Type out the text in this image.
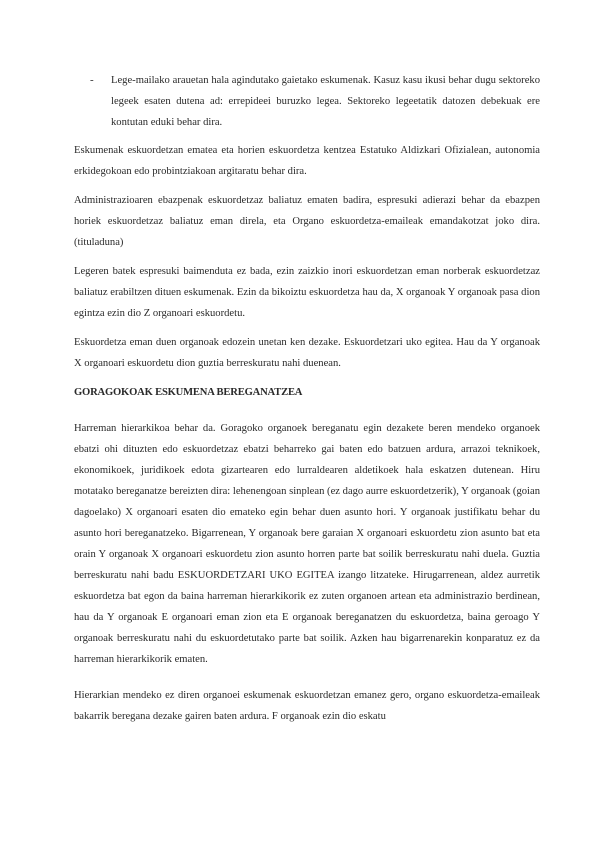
- Lege-mailako arauetan hala agindutako gaietako eskumenak. Kasuz kasu ikusi behar dugu sektoreko legeek esaten dutena ad: errepideei buruzko legea. Sektoreko legeetatik datozen debekuak ere kontutan eduki behar dira.

Eskumenak eskuordetzan ematea eta horien eskuordetza kentzea Estatuko Aldizkari Ofizialean, autonomia erkidegokoan edo probintziakoan argitaratu behar dira.

Administrazioaren ebazpenak eskuordetzaz baliatuz ematen badira, espresuki adierazi behar da ebazpen horiek eskuordetzaz baliatuz eman direla, eta Organo eskuordetza-emaileak emandakotzat joko dira. (tituladuna)

Legeren batek espresuki baimenduta ez bada, ezin zaizkio inori eskuordetzan eman norberak eskuordetzaz baliatuz erabiltzen dituen eskumenak. Ezin da bikoiztu eskuordetza hau da, X organoak Y organoak pasa dion egintza ezin dio Z organoari eskuordetu.

Eskuordetza eman duen organoak edozein unetan ken dezake. Eskuordetzari uko egitea. Hau da Y organoak X organoari eskuordetu dion guztia berreskuratu nahi duenean.

GORAGOKOAK ESKUMENA BEREGANATZEA

Harreman hierarkikoa behar da. Goragoko organoek bereganatu egin dezakete beren mendeko organoek ebatzi ohi dituzten edo eskuordetzaz ebatzi beharreko gai baten edo batzuen ardura, arrazoi teknikoek, ekonomikoek, juridikoek edota gizartearen edo lurraldearen aldetikoek hala eskatzen dutenean. Hiru motatako bereganatze bereizten dira: lehenengoan sinplean (ez dago aurre eskuordetzerik), Y organoak (goian dagoelako) X organoari esaten dio emateko egin behar duen asunto hori. Y organoak justifikatu behar du asunto hori bereganatzeko. Bigarrenean, Y organoak bere garaian X organoari eskuordetu zion asunto bat eta orain Y organoak X organoari eskuordetu zion asunto horren parte bat soilik berreskuratu nahi duela. Guztia berreskuratu nahi badu ESKUORDETZARI UKO EGITEA izango litzateke. Hirugarrenean, aldez aurretik eskuordetza bat egon da baina harreman hierarkikorik ez zuten organoen artean eta administrazio berdinean, hau da Y organoak E organoari eman zion eta E organoak bereganatzen du eskuordetza, baina geroago Y organoak berreskuratu nahi du eskuordetutako parte bat soilik. Azken hau bigarrenarekin konparatuz ez da harreman hierarkikorik ematen.

Hierarkian mendeko ez diren organoei eskumenak eskuordetzan emanez gero, organo eskuordetza-emaileak bakarrik beregana dezake gairen baten ardura. F organoak ezin dio eskatu
